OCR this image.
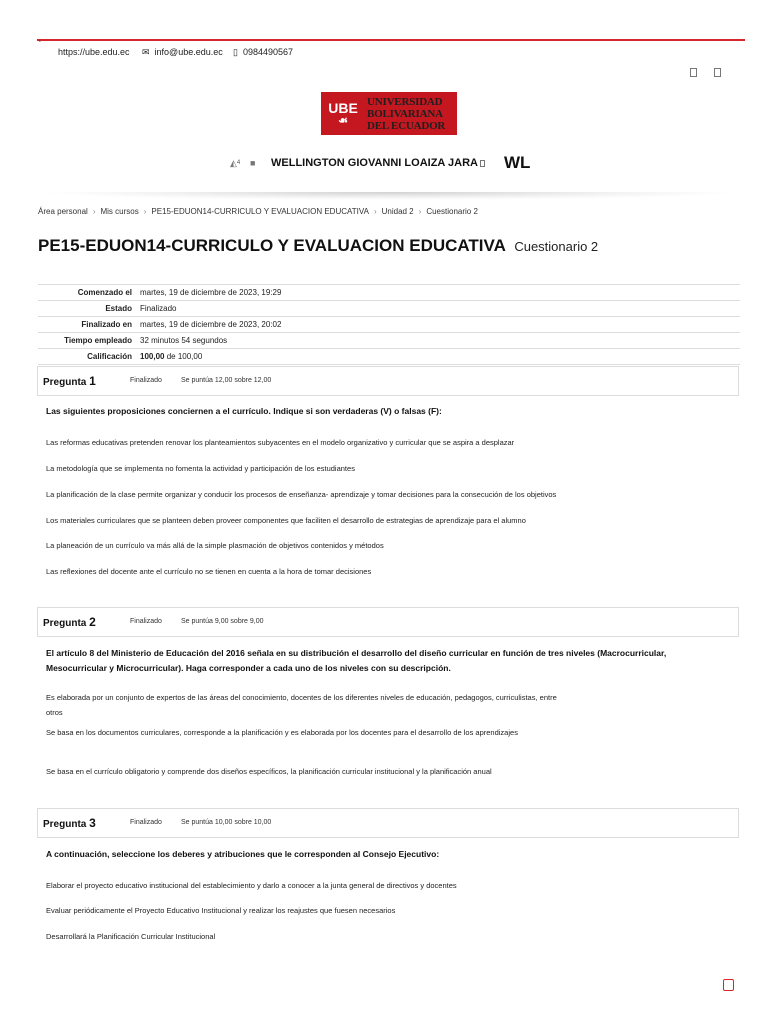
`
https://ube.edu.ec ✉ info@ube.edu.ec ▯ 0984490567
UBE
☙
UNIVERSIDAD
BOLIVARIANA
DEL ECUADOR
◭ 4 ■ WELLINGTON GIOVANNI LOAIZA JARA WL
Área personal › Mis cursos › PE15-EDUON14-CURRICULO Y EVALUACION EDUCATIVA › Unidad 2 › Cuestionario 2
PE15-EDUON14-CURRICULO Y EVALUACION EDUCATIVA Cuestionario 2
Comenzado el	martes, 19 de diciembre de 2023, 19:29
Estado	Finalizado
Finalizado en	martes, 19 de diciembre de 2023, 20:02
Tiempo empleado	32 minutos 54 segundos
Calificación	100,00 de 100,00
Pregunta 1	Finalizado	Se puntúa 12,00 sobre 12,00
Las siguientes proposiciones conciernen a el currículo. Indique si son verdaderas (V) o falsas (F):
Las reformas educativas pretenden renovar los planteamientos subyacentes en el modelo organizativo y curricular que se aspira a desplazar
La metodología que se implementa no fomenta la actividad y participación de los estudiantes
La planificación de la clase permite organizar y conducir los procesos de enseñanza- aprendizaje y tomar decisiones para la consecución de los objetivos
Los materiales curriculares que se planteen deben proveer componentes que faciliten el desarrollo de estrategias de aprendizaje para el alumno
La planeación de un currículo va más allá de la simple plasmación de objetivos contenidos y métodos
Las reflexiones del docente ante el currículo no se tienen en cuenta a la hora de tomar decisiones
Pregunta 2	Finalizado	Se puntúa 9,00 sobre 9,00
El artículo 8 del Ministerio de Educación del 2016 señala en su distribución el desarrollo del diseño curricular en función de tres niveles (Macrocurricular, Mesocurricular y Microcurricular). Haga corresponder a cada uno de los niveles con su descripción.
Es elaborada por un conjunto de expertos de las áreas del conocimiento, docentes de los diferentes niveles de educación, pedagogos, curriculistas, entre otros
Se basa en los documentos curriculares, corresponde a la planificación y es elaborada por los docentes para el desarrollo de los aprendizajes
Se basa en el currículo obligatorio y comprende dos diseños específicos, la planificación curricular institucional y la planificación anual
Pregunta 3	Finalizado	Se puntúa 10,00 sobre 10,00
A continuación, seleccione los deberes y atribuciones que le corresponden al Consejo Ejecutivo:
Elaborar el proyecto educativo institucional del establecimiento y darlo a conocer a la junta general de directivos y docentes
Evaluar periódicamente el Proyecto Educativo Institucional y realizar los reajustes que fuesen necesarios
Desarrollará la Planificación Curricular Institucional
